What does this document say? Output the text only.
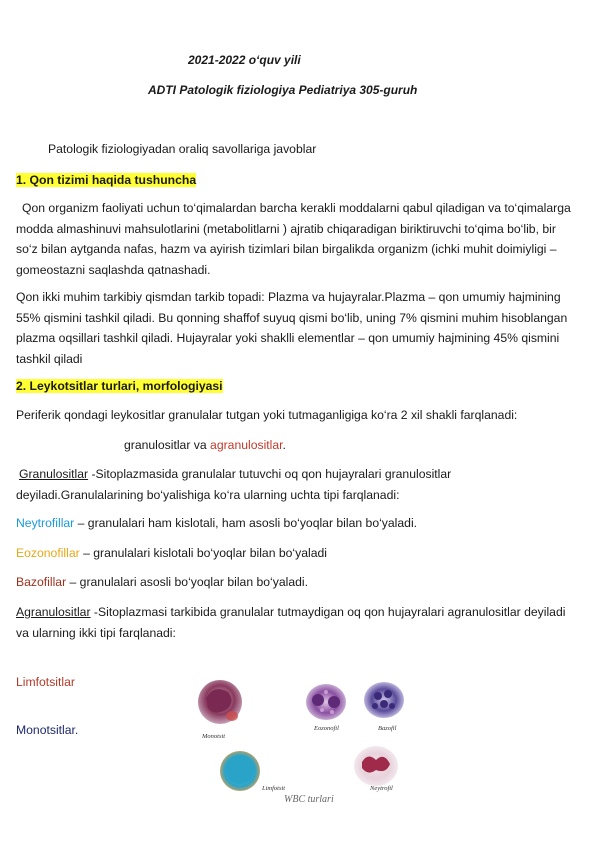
2021-2022 o‘quv yili
ADTI Patologik fiziologiya Pediatriya 305-guruh
Patologik fiziologiyadan oraliq savollariga javoblar
1. Qon tizimi haqida tushuncha

Qon organizm faoliyati uchun to‘qimalardan barcha kerakli moddalarni qabul qiladigan va to‘qimalarga modda almashinuvi mahsulotlarini (metabolitlarni ) ajratib chiqaradigan biriktiruvchi to‘qima bo‘lib, bir so‘z bilan aytganda nafas, hazm va ayirish tizimlari bilan birgalikda organizm (ichki muhit doimiyligi – gomeostazni saqlashda qatnashadi.

Qon ikki muhim tarkibiy qismdan tarkib topadi: Plazma va hujayralar.Plazma – qon umumiy hajmining 55% qismini tashkil qiladi. Bu qonning shaffof suyuq qismi bo‘lib, uning 7% qismini muhim hisoblangan plazma oqsillari tashkil qiladi. Hujayralar yoki shaklli elementlar – qon umumiy hajmining 45% qismini tashkil qiladi

2. Leykotsitlar turlari, morfologiyasi

Periferik qondagi leykositlar granulalar tutgan yoki tutmaganligiga ko‘ra 2 xil shakli farqlanadi:

granulositlar va agranulositlar.

Granulositlar -Sitoplazmasida granulalar tutuvchi oq qon hujayralari granulositlar deyiladi.Granulalarining bo‘yalishiga ko‘ra ularning uchta tipi farqlanadi:

Neytrofillar – granulalari ham kislotali, ham asosli bo‘yoqlar bilan bo‘yaladi.

Eozonofillar – granulalari kislotali bo‘yoqlar bilan bo‘yaladi

Bazofillar – granulalari asosli bo‘yoqlar bilan bo‘yaladi.

Agranulositlar -Sitoplazmasi tarkibida granulalar tutmaydigan oq qon hujayralari agranulositlar deyiladi va ularning ikki tipi farqlanadi:

Limfotsitlar
Monotsitlar.	Monotsit
Eozonofil	Bazofil
Limfotsit	Neytrofil
WBC turlari
